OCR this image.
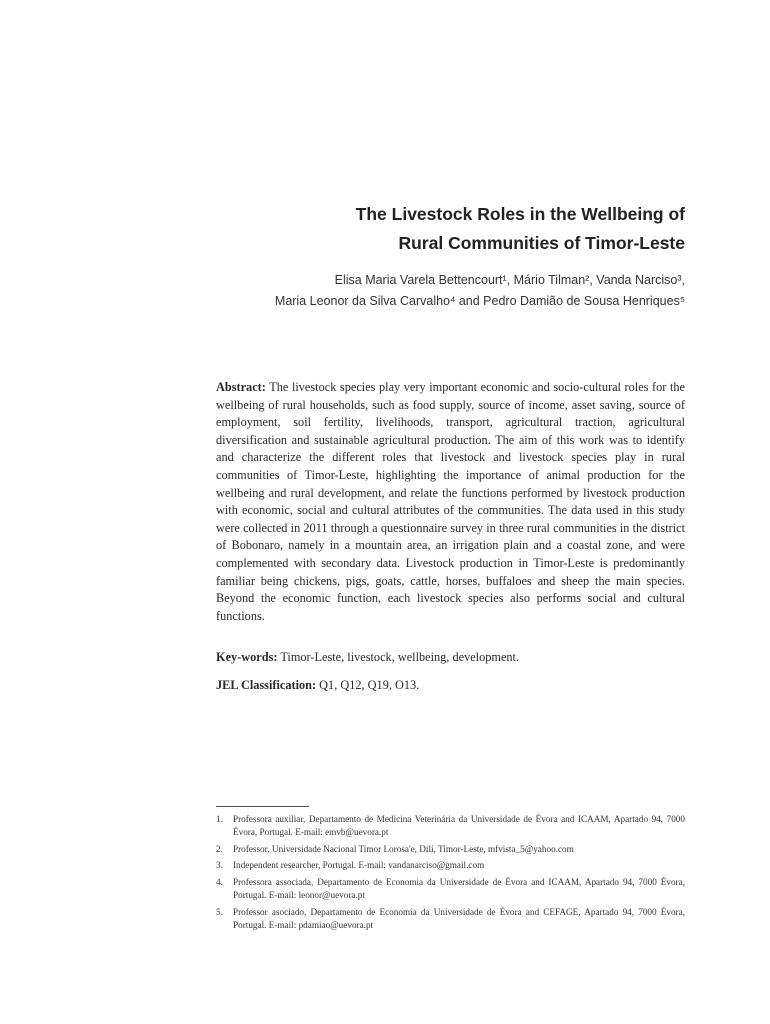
The Livestock Roles in the Wellbeing of
Rural Communities of Timor-Leste
Elisa Maria Varela Bettencourt¹, Mário Tilman², Vanda Narciso³,
Maria Leonor da Silva Carvalho⁴ and Pedro Damião de Sousa Henriques⁵

Abstract: The livestock species play very important economic and socio-cultural roles for the wellbeing of rural households, such as food supply, source of income, asset saving, source of employment, soil fertility, livelihoods, transport, agricultural traction, agricultural diversification and sustainable agricultural production. The aim of this work was to identify and characterize the different roles that livestock and livestock species play in rural communities of Timor-Leste, highlighting the importance of animal production for the wellbeing and rural development, and relate the functions performed by livestock production with economic, social and cultural attributes of the communities. The data used in this study were collected in 2011 through a questionnaire survey in three rural communities in the district of Bobonaro, namely in a mountain area, an irrigation plain and a coastal zone, and were complemented with secondary data. Livestock production in Timor-Leste is predominantly familiar being chickens, pigs, goats, cattle, horses, buffaloes and sheep the main species. Beyond the economic function, each livestock species also performs social and cultural functions.

Key-words: Timor-Leste, livestock, wellbeing, development.

JEL Classification: Q1, Q12, Q19, O13.

1.	Professora auxiliar, Departamento de Medicina Veterinária da Universidade de Évora and ICAAM, Apartado 94, 7000 Évora, Portugal. E-mail: emvb@uevora.pt
2.	Professor, Universidade Nacional Timor Lorosa'e, Dili, Timor-Leste, mfvista_5@yahoo.com
3.	Independent researcher, Portugal. E-mail: vandanarciso@gmail.com
4.	Professora associada, Departamento de Economia da Universidade de Évora and ICAAM, Apartado 94, 7000 Évora, Portugal. E-mail: leonor@uevora.pt
5.	Professor asociado, Departamento de Economia da Universidade de Évora and CEFAGE, Apartado 94, 7000 Évora, Portugal. E-mail: pdamiao@uevora.pt
